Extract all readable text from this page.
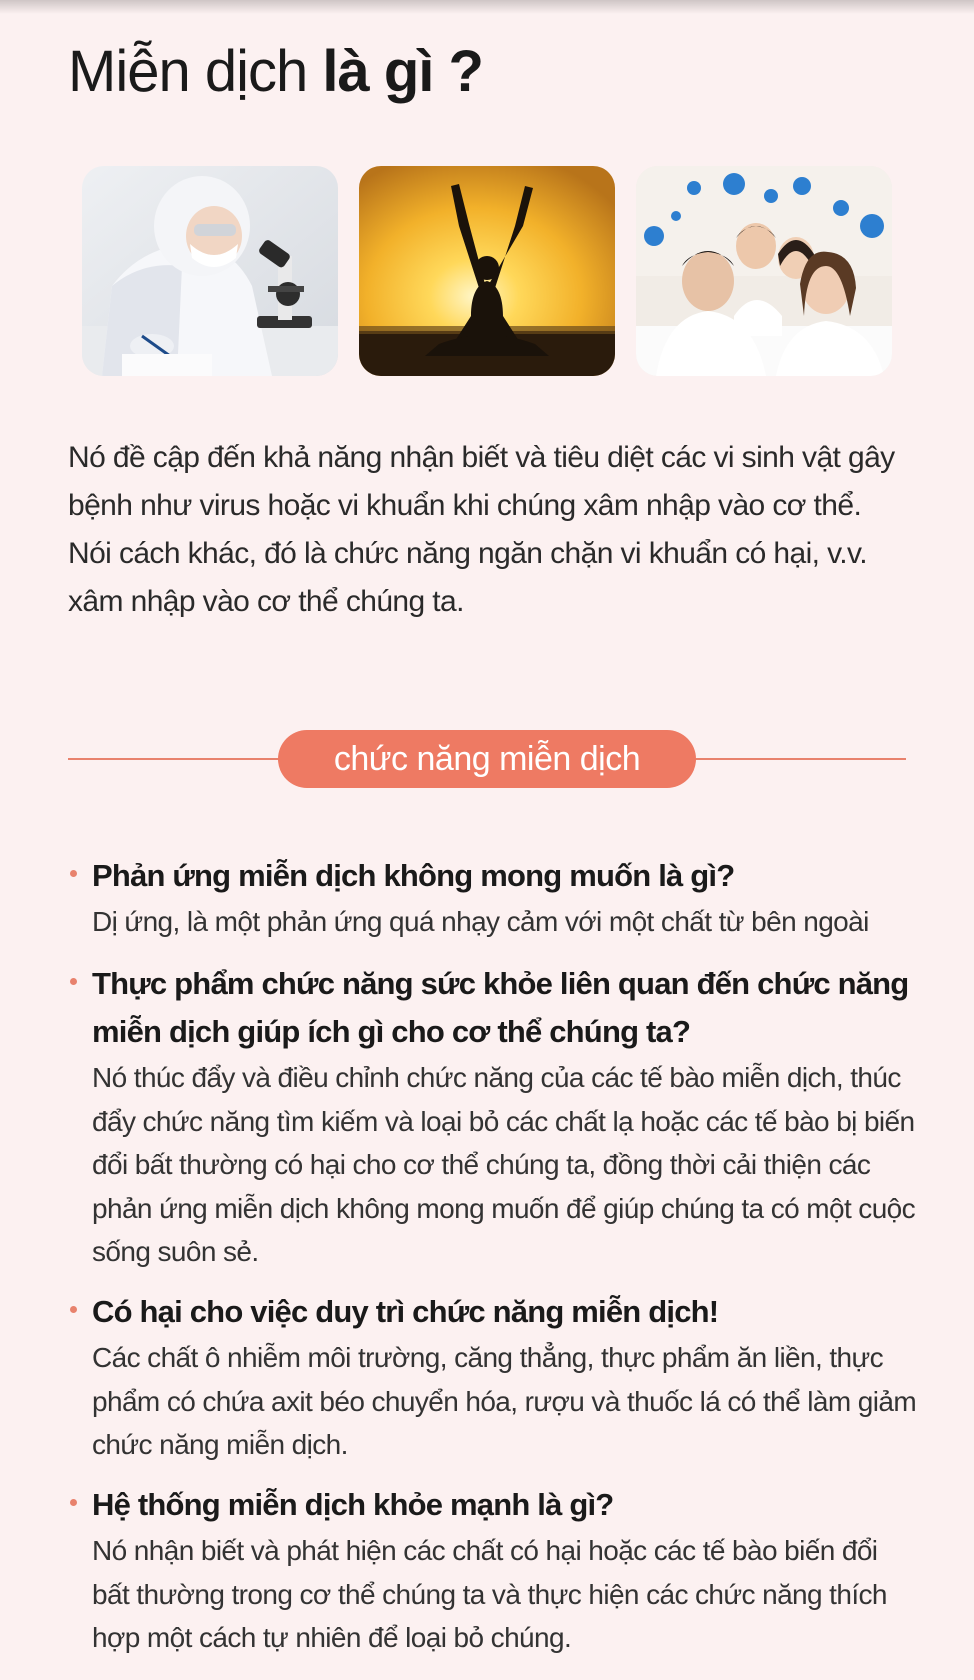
Miễn dịch là gì ?

Nó đề cập đến khả năng nhận biết và tiêu diệt các vi sinh vật gây bệnh như virus hoặc vi khuẩn khi chúng xâm nhập vào cơ thể. Nói cách khác, đó là chức năng ngăn chặn vi khuẩn có hại, v.v. xâm nhập vào cơ thể chúng ta.

chức năng miễn dịch

Phản ứng miễn dịch không mong muốn là gì?

Dị ứng, là một phản ứng quá nhạy cảm với một chất từ bên ngoài

Thực phẩm chức năng sức khỏe liên quan đến chức năng miễn dịch giúp ích gì cho cơ thể chúng ta?

Nó thúc đẩy và điều chỉnh chức năng của các tế bào miễn dịch, thúc đẩy chức năng tìm kiếm và loại bỏ các chất lạ hoặc các tế bào bị biến đổi bất thường có hại cho cơ thể chúng ta, đồng thời cải thiện các phản ứng miễn dịch không mong muốn để giúp chúng ta có một cuộc sống suôn sẻ.

Có hại cho việc duy trì chức năng miễn dịch!

Các chất ô nhiễm môi trường, căng thẳng, thực phẩm ăn liền, thực phẩm có chứa axit béo chuyển hóa, rượu và thuốc lá có thể làm giảm chức năng miễn dịch.

Hệ thống miễn dịch khỏe mạnh là gì?

Nó nhận biết và phát hiện các chất có hại hoặc các tế bào biến đổi bất thường trong cơ thể chúng ta và thực hiện các chức năng thích hợp một cách tự nhiên để loại bỏ chúng.
